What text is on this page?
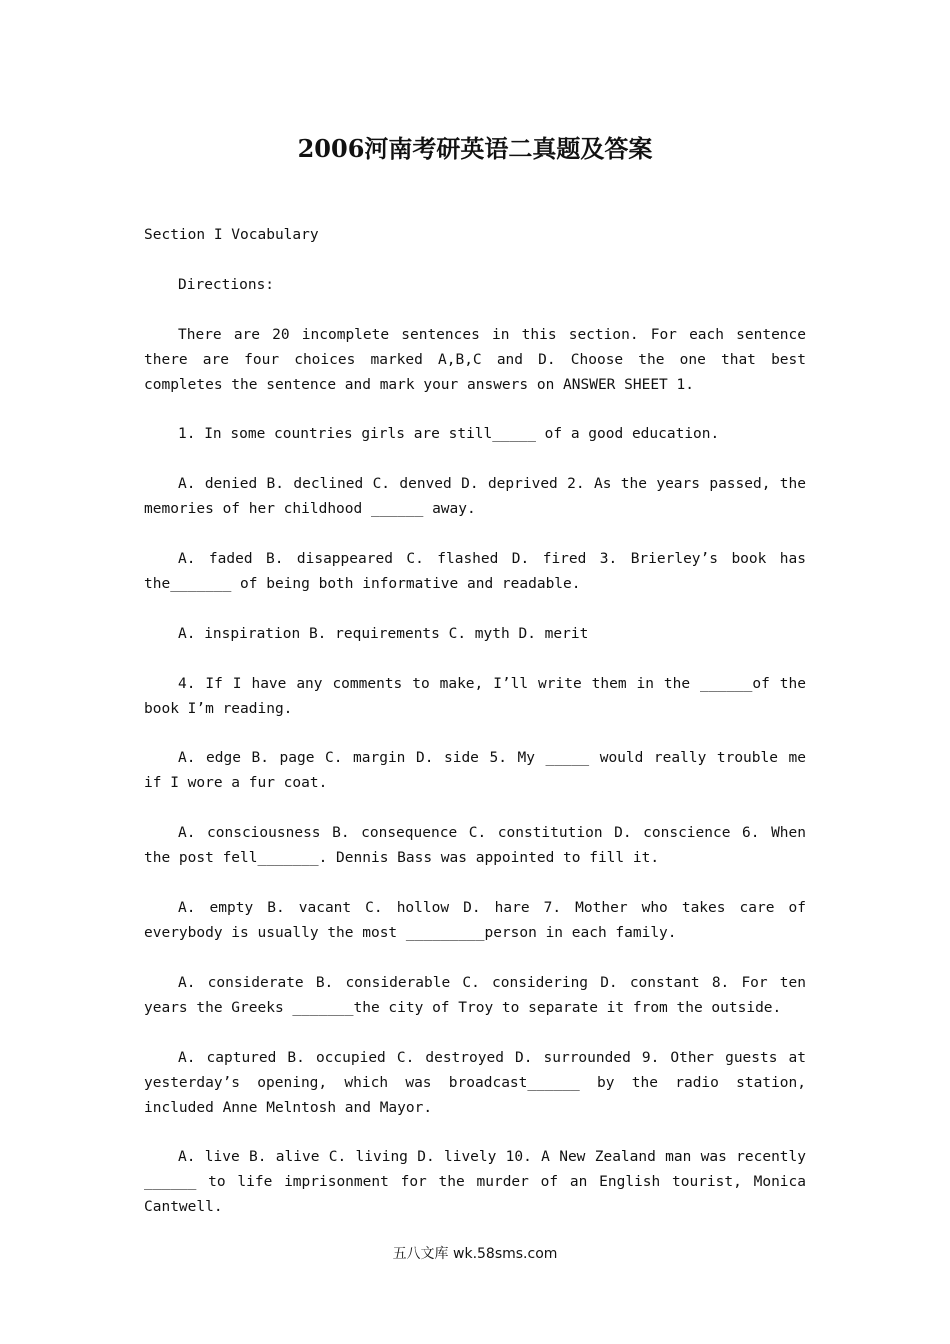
2006河南考研英语二真题及答案

Section I Vocabulary

Directions:

There are 20 incomplete sentences in this section. For each sentence there are four choices marked A,B,C and D. Choose the one that best completes the sentence and mark your answers on ANSWER SHEET 1.

1. In some countries girls are still_____ of a good education.

A. denied B. declined C. denved D. deprived 2. As the years passed, the memories of her childhood ______ away.

A. faded B. disappeared C. flashed D. fired 3. Brierley’s book has the_______ of being both informative and readable.

A. inspiration B. requirements C. myth D. merit

4. If I have any comments to make, I’ll write them in the ______of the book I’m reading.

A. edge B. page C. margin D. side 5. My _____ would really trouble me if I wore a fur coat.

A. consciousness B. consequence C. constitution D. conscience 6. When the post fell_______. Dennis Bass was appointed to fill it.

A. empty B. vacant C. hollow D. hare 7. Mother who takes care of everybody is usually the most _________person in each family.

A. considerate B. considerable C. considering D. constant 8. For ten years the Greeks _______the city of Troy to separate it from the outside.

A. captured B. occupied C. destroyed D. surrounded 9. Other guests at yesterday’s opening, which was broadcast______ by the radio station, included Anne Melntosh and Mayor.

A. live B. alive C. living D. lively 10. A New Zealand man was recently ______ to life imprisonment for the murder of an English tourist, Monica Cantwell.

五八文库 wk.58sms.com
